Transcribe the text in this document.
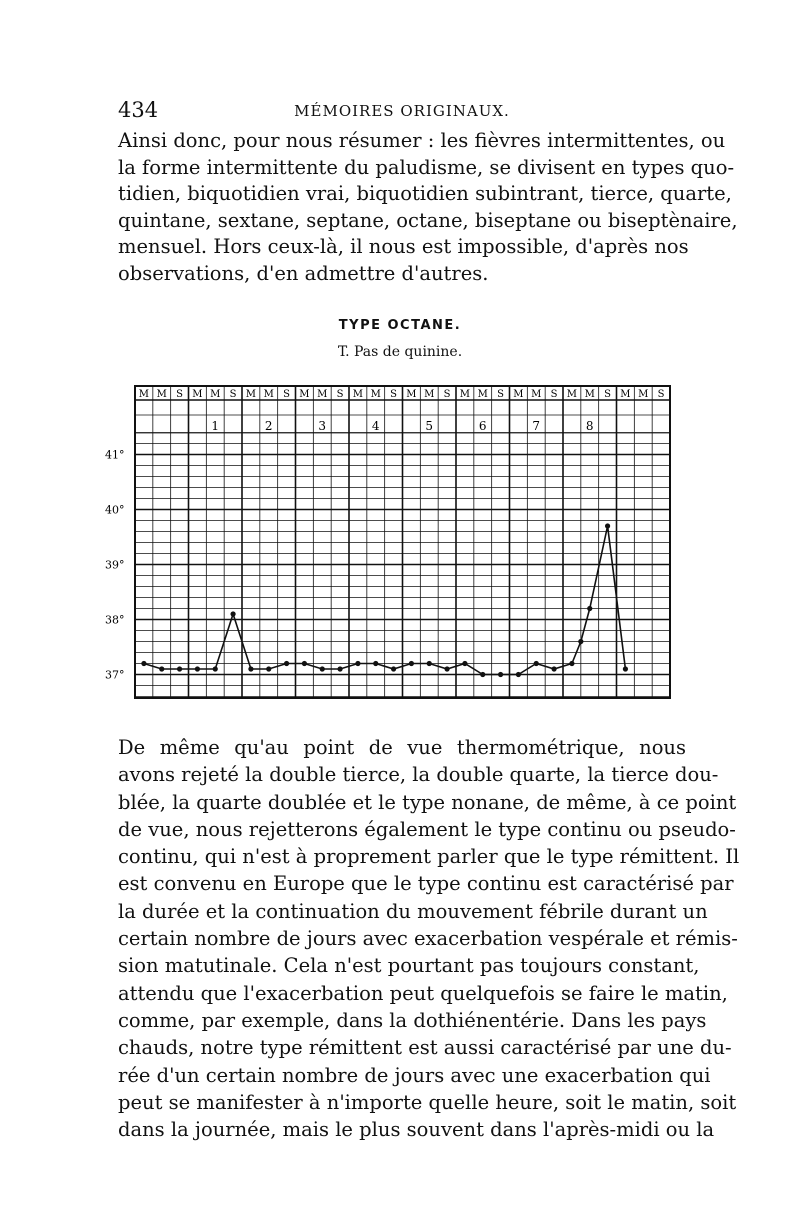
434	MÉMOIRES ORIGINAUX.

Ainsi donc, pour nous résumer : les fièvres intermittentes, ou
la forme intermittente du paludisme, se divisent en types quo-
tidien, biquotidien vrai, biquotidien subintrant, tierce, quarte,
quintane, sextane, septane, octane, biseptane ou biseptènaire,
mensuel. Hors ceux-là, il nous est impossible, d'après nos
observations, d'en admettre d'autres.

TYPE OCTANE.
T. Pas de quinine.
M M S M M S M M S M M S M M S M M S M M S M M S M M S M M S
1	2	3	4	5	6	7	8
41°
40°
39°
38°
37°

De même qu'au point de vue thermométrique, nous
avons rejeté la double tierce, la double quarte, la tierce dou-
blée, la quarte doublée et le type nonane, de même, à ce point
de vue, nous rejetterons également le type continu ou pseudo-
continu, qui n'est à proprement parler que le type rémittent. Il
est convenu en Europe que le type continu est caractérisé par
la durée et la continuation du mouvement fébrile durant un
certain nombre de jours avec exacerbation vespérale et rémis-
sion matutinale. Cela n'est pourtant pas toujours constant,
attendu que l'exacerbation peut quelquefois se faire le matin,
comme, par exemple, dans la dothiénentérie. Dans les pays
chauds, notre type rémittent est aussi caractérisé par une du-
rée d'un certain nombre de jours avec une exacerbation qui
peut se manifester à n'importe quelle heure, soit le matin, soit
dans la journée, mais le plus souvent dans l'après-midi ou la
